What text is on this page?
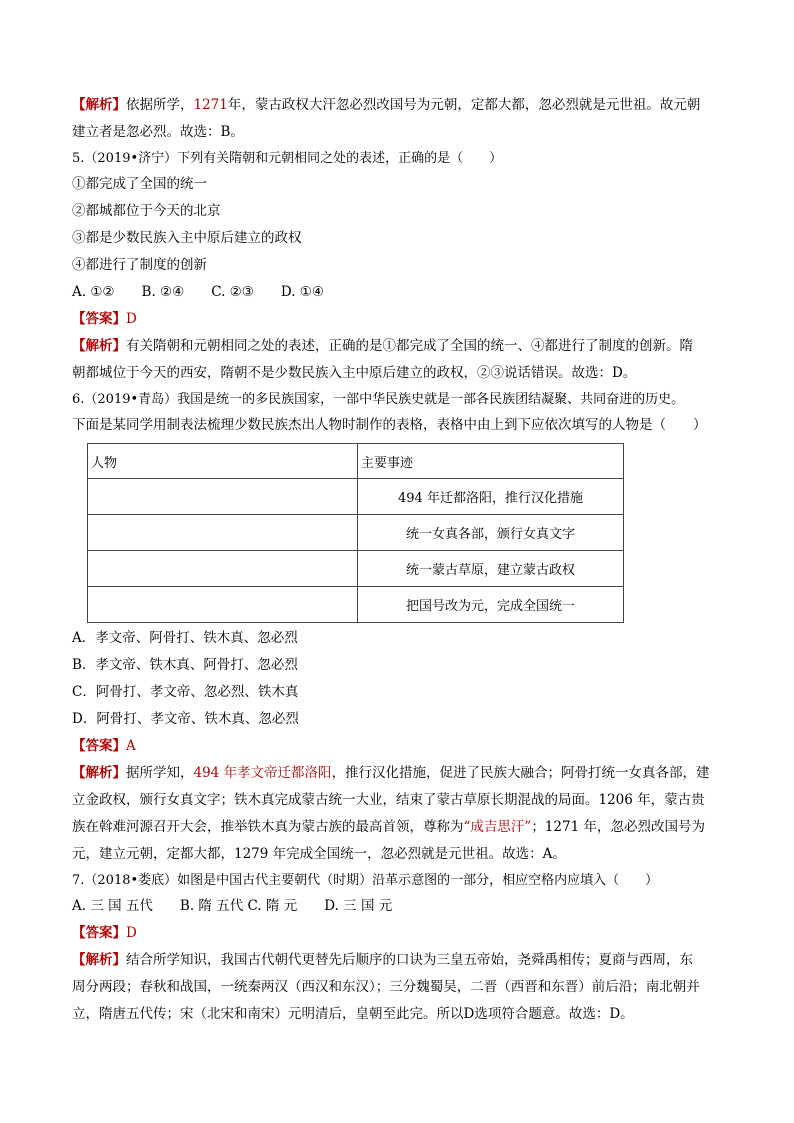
【解析】依据所学，1271年，蒙古政权大汗忽必烈改国号为元朝，定都大都，忽必烈就是元世祖。故元朝
建立者是忽必烈。故选：B。
5.（2019•济宁）下列有关隋朝和元朝相同之处的表述，正确的是（　　）
①都完成了全国的统一
②都城都位于今天的北京
③都是少数民族入主中原后建立的政权
④都进行了制度的创新
A. ①②　　B. ②④　　C. ②③　　D. ①④
【答案】D
【解析】有关隋朝和元朝相同之处的表述，正确的是①都完成了全国的统一、④都进行了制度的创新。隋
朝都城位于今天的西安，隋朝不是少数民族入主中原后建立的政权，②③说话错误。故选：D。
6.（2019•青岛）我国是统一的多民族国家，一部中华民族史就是一部各民族团结凝聚、共同奋进的历史。
下面是某同学用制表法梳理少数民族杰出人物时制作的表格，表格中由上到下应依次填写的人物是（　　）
人物	主要事迹
	494 年迁都洛阳，推行汉化措施
	统一女真各部，颁行女真文字
	统一蒙古草原，建立蒙古政权
	把国号改为元，完成全国统一
A．孝文帝、阿骨打、铁木真、忽必烈
B．孝文帝、铁木真、阿骨打、忽必烈
C．阿骨打、孝文帝、忽必烈、铁木真
D．阿骨打、孝文帝、铁木真、忽必烈
【答案】A
【解析】据所学知，494 年孝文帝迁都洛阳，推行汉化措施，促进了民族大融合；阿骨打统一女真各部，建
立金政权，颁行女真文字；铁木真完成蒙古统一大业，结束了蒙古草原长期混战的局面。1206 年，蒙古贵
族在斡难河源召开大会，推举铁木真为蒙古族的最高首领，尊称为“成吉思汗”；1271 年，忽必烈改国号为
元，建立元朝，定都大都，1279 年完成全国统一，忽必烈就是元世祖。故选：A。
7.（2018•娄底）如图是中国古代主要朝代（时期）沿革示意图的一部分，相应空格内应填入（　　）
A. 三 国 五代　　B. 隋 五代 C. 隋 元　　D. 三 国 元
【答案】D
【解析】结合所学知识，我国古代朝代更替先后顺序的口诀为三皇五帝始，尧舜禹相传；夏商与西周，东
周分两段；春秋和战国，一统秦两汉（西汉和东汉）；三分魏蜀吴，二晋（西晋和东晋）前后沿；南北朝并
立，隋唐五代传；宋（北宋和南宋）元明清后，皇朝至此完。所以D选项符合题意。故选：D。
